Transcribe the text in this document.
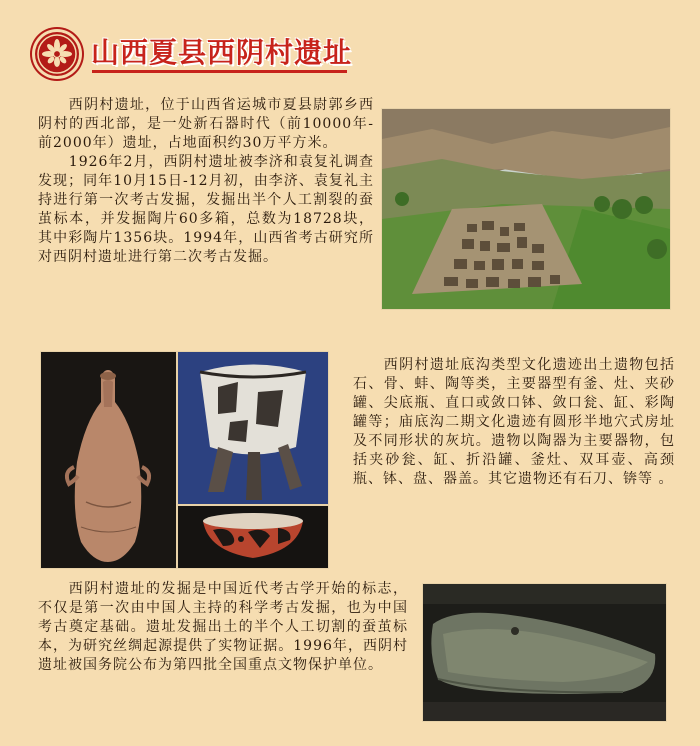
山西夏县西阴村遗址
西阴村遗址，位于山西省运城市夏县尉郭乡西阴村的西北部，是一处新石器时代（前10000年-前2000年）遗址，占地面积约30万平方米。
1926年2月，西阴村遗址被李济和袁复礼调查发现；同年10月15日-12月初，由李济、袁复礼主持进行第一次考古发掘，发掘出半个人工割裂的蚕茧标本，并发掘陶片60多箱，总数为18728块，其中彩陶片1356块。1994年，山西省考古研究所对西阴村遗址进行第二次考古发掘。
西阴村遗址底沟类型文化遗迹出土遗物包括石、骨、蚌、陶等类，主要器型有釜、灶、夹砂罐、尖底瓶、直口或敛口钵、敛口瓮、缸、彩陶罐等；庙底沟二期文化遗迹有圆形半地穴式房址及不同形状的灰坑。遗物以陶器为主要器物，包括夹砂瓮、缸、折沿罐、釜灶、双耳壶、高颈瓶、钵、盘、器盖。其它遗物还有石刀、锛等 。
西阴村遗址的发掘是中国近代考古学开始的标志，不仅是第一次由中国人主持的科学考古发掘，也为中国考古奠定基础。遗址发掘出土的半个人工切割的蚕茧标本，为研究丝绸起源提供了实物证据。1996年，西阴村遗址被国务院公布为第四批全国重点文物保护单位。
